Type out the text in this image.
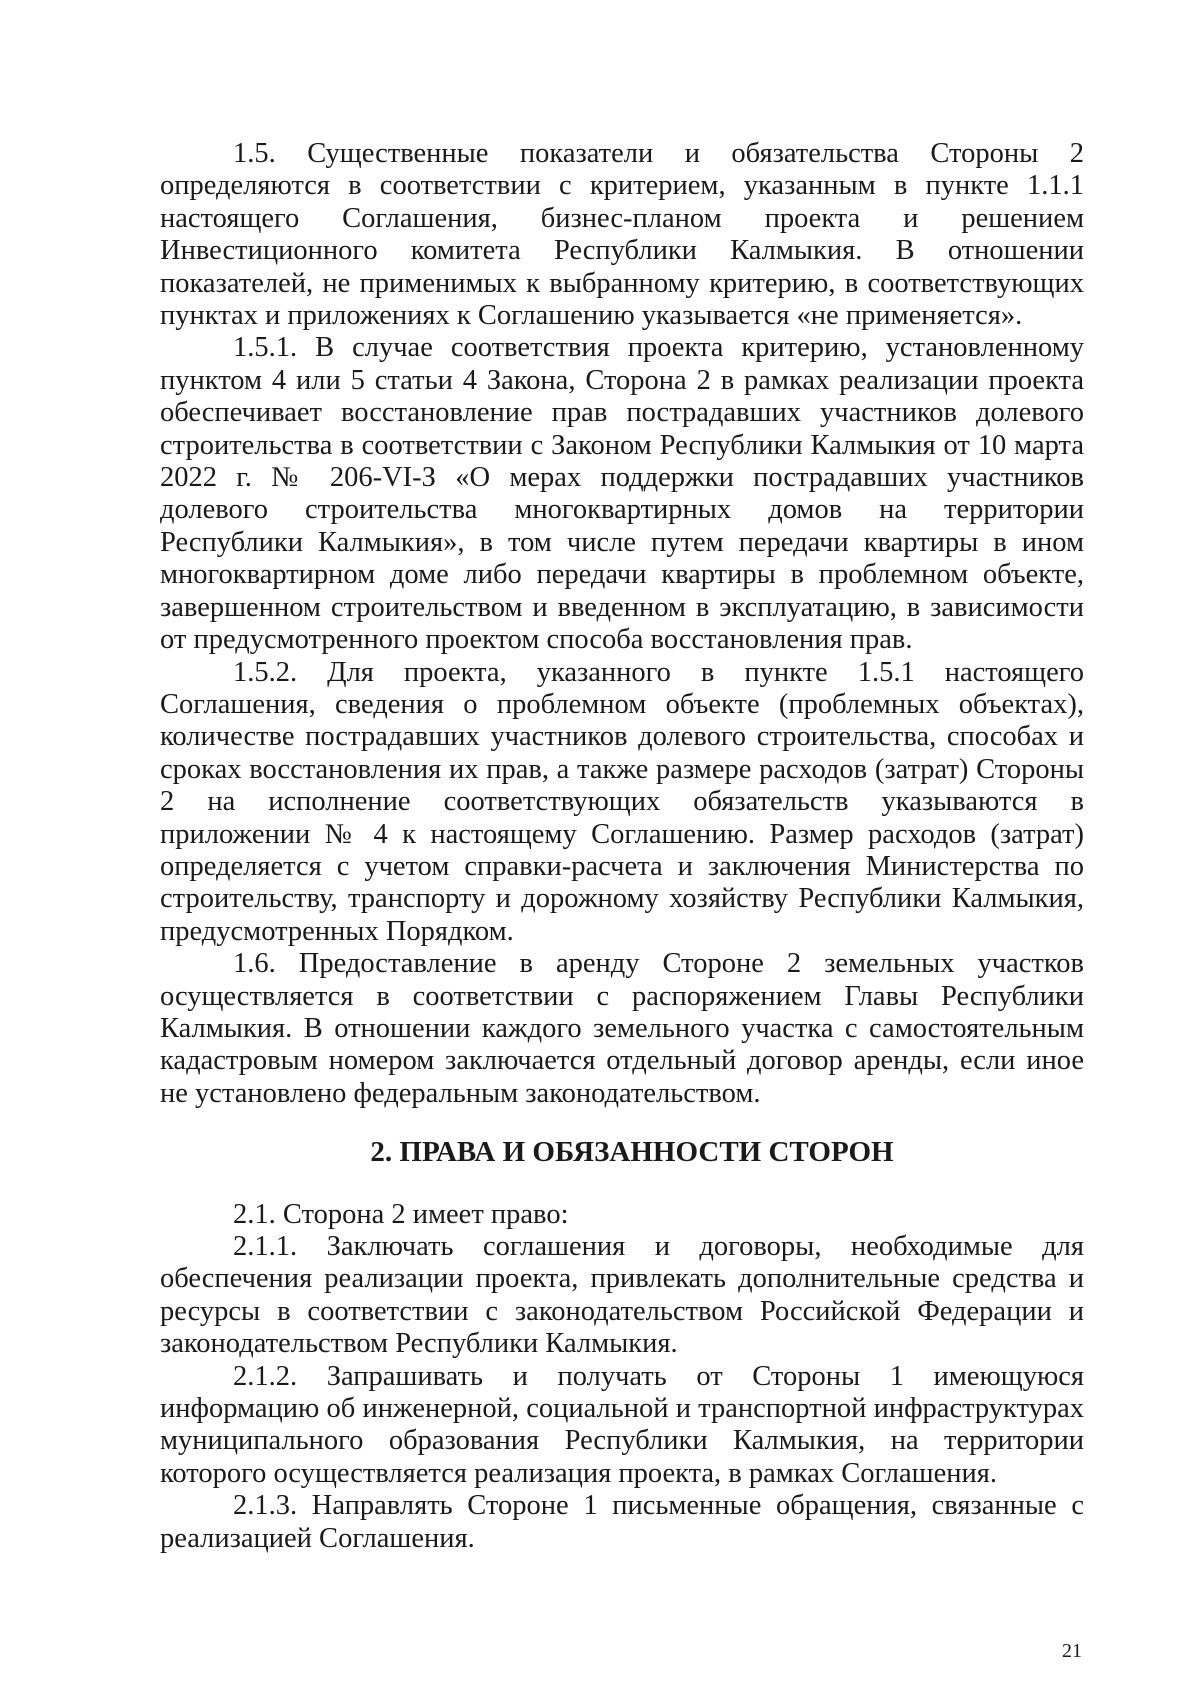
1.5. Существенные показатели и обязательства Стороны 2 определяются в соответствии с критерием, указанным в пункте 1.1.1 настоящего Соглашения, бизнес-планом проекта и решением Инвестиционного комитета Республики Калмыкия. В отношении показателей, не применимых к выбранному критерию, в соответствующих пунктах и приложениях к Соглашению указывается «не применяется».

1.5.1. В случае соответствия проекта критерию, установленному пунктом 4 или 5 статьи 4 Закона, Сторона 2 в рамках реализации проекта обеспечивает восстановление прав пострадавших участников долевого строительства в соответствии с Законом Республики Калмыкия от 10 марта 2022 г. № 206-VI-З «О мерах поддержки пострадавших участников долевого строительства многоквартирных домов на территории Республики Калмыкия», в том числе путем передачи квартиры в ином многоквартирном доме либо передачи квартиры в проблемном объекте, завершенном строительством и введенном в эксплуатацию, в зависимости от предусмотренного проектом способа восстановления прав.

1.5.2. Для проекта, указанного в пункте 1.5.1 настоящего Соглашения, сведения о проблемном объекте (проблемных объектах), количестве пострадавших участников долевого строительства, способах и сроках восстановления их прав, а также размере расходов (затрат) Стороны 2 на исполнение соответствующих обязательств указываются в приложении № 4 к настоящему Соглашению. Размер расходов (затрат) определяется с учетом справки-расчета и заключения Министерства по строительству, транспорту и дорожному хозяйству Республики Калмыкия, предусмотренных Порядком.

1.6. Предоставление в аренду Стороне 2 земельных участков осуществляется в соответствии с распоряжением Главы Республики Калмыкия. В отношении каждого земельного участка с самостоятельным кадастровым номером заключается отдельный договор аренды, если иное не установлено федеральным законодательством.

2. ПРАВА И ОБЯЗАННОСТИ СТОРОН

2.1. Сторона 2 имеет право:

2.1.1. Заключать соглашения и договоры, необходимые для обеспечения реализации проекта, привлекать дополнительные средства и ресурсы в соответствии с законодательством Российской Федерации и законодательством Республики Калмыкия.

2.1.2. Запрашивать и получать от Стороны 1 имеющуюся информацию об инженерной, социальной и транспортной инфраструктурах муниципального образования Республики Калмыкия, на территории которого осуществляется реализация проекта, в рамках Соглашения.

2.1.3. Направлять Стороне 1 письменные обращения, связанные с реализацией Соглашения.

21
